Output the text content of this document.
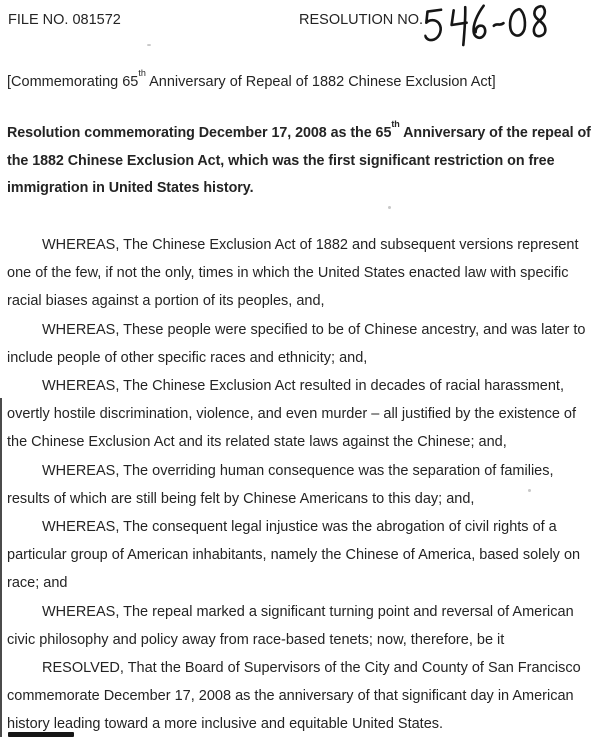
FILE NO. 081572	RESOLUTION NO.
[Commemorating 65th Anniversary of Repeal of 1882 Chinese Exclusion Act]
Resolution commemorating December 17, 2008 as the 65th Anniversary of the repeal of the 1882 Chinese Exclusion Act, which was the first significant restriction on free immigration in United States history.

WHEREAS, The Chinese Exclusion Act of 1882 and subsequent versions represent one of the few, if not the only, times in which the United States enacted law with specific racial biases against a portion of its peoples, and,

WHEREAS, These people were specified to be of Chinese ancestry, and was later to include people of other specific races and ethnicity; and,

WHEREAS, The Chinese Exclusion Act resulted in decades of racial harassment, overtly hostile discrimination, violence, and even murder – all justified by the existence of the Chinese Exclusion Act and its related state laws against the Chinese; and,

WHEREAS, The overriding human consequence was the separation of families, results of which are still being felt by Chinese Americans to this day; and,

WHEREAS, The consequent legal injustice was the abrogation of civil rights of a particular group of American inhabitants, namely the Chinese of America, based solely on race; and

WHEREAS, The repeal marked a significant turning point and reversal of American civic philosophy and policy away from race-based tenets; now, therefore, be it

RESOLVED, That the Board of Supervisors of the City and County of San Francisco commemorate December 17, 2008 as the anniversary of that significant day in American history leading toward a more inclusive and equitable United States.
